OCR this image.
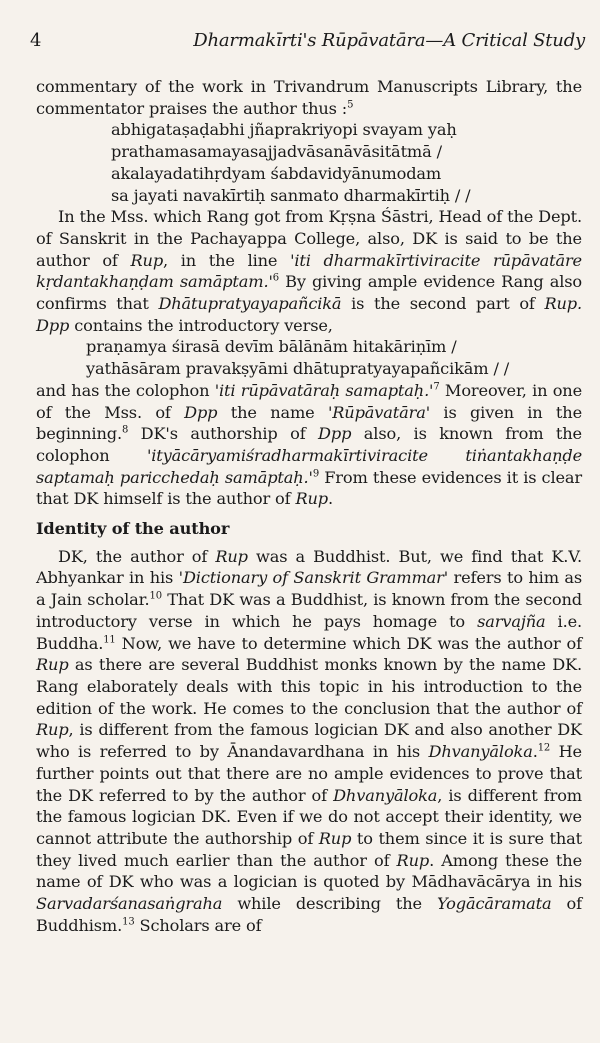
4	Dharmakīrti's Rūpāvatāra—A Critical Study

commentary of the work in Trivandrum Manuscripts Library, the commentator praises the author thus :$^5$

abhigataṣaḍabhi jñaprakriyopi svayam yaḥ

prathamasamayasajjadvāsanāvāsitātmā /

akalayadatihṛdyam śabdavidyānumodam

sa jayati navakīrtiḥ sanmato dharmakīrtiḥ / /

In the Mss. which Rang got from Kṛṣna Śāstri, Head of the Dept. of Sanskrit in the Pachayappa College, also, DK is said to be the author of Rup, in the line 'iti dharmakīrtiviracite rūpāvatāre kṛdantakhaṇḍam $samāptam.'^6$ By giving ample evidence Rang also confirms that Dhātupratyayapañcikā is the second part of Rup. Dpp contains the introductory verse,

praṇamya śirasā devīm bālānām hitakāriṇīm /

yathāsāram pravakṣyāmi dhātupratyayapañcikām / /

and has the colophon 'iti rūpāvatāraḥ $samaptaḥ.'^7$ Moreover, in one of the Mss. of Dpp the name 'Rūpāvatāra' is given in the beginning.$^8$ DK's authorship of Dpp also, is known from the colophon 'ityācāryamiśradharmakīrtiviracite tiṅantakhaṇḍe saptamaḥ paricchedaḥ $samāptaḥ.'^9$ From these evidences it is clear that DK himself is the author of Rup.

Identity of the author

DK, the author of Rup was a Buddhist. But, we find that K.V. Abhyankar in his 'Dictionary of Sanskrit Grammar' refers to him as a Jain scholar.$^{10}$ That DK was a Buddhist, is known from the second introductory verse in which he pays homage to sarvajña i.e. Buddha.$^{11}$ Now, we have to determine which DK was the author of Rup as there are several Buddhist monks known by the name DK. Rang elaborately deals with this topic in his introduction to the edition of the work. He comes to the conclusion that the author of Rup, is different from the famous logician DK and also another DK who is referred to by Ānandavardhana in his Dhvanyāloka.$^{12}$ He further points out that there are no ample evidences to prove that the DK referred to by the author of Dhvanyāloka, is different from the famous logician DK. Even if we do not accept their identity, we cannot attribute the authorship of Rup to them since it is sure that they lived much earlier than the author of Rup. Among these the name of DK who was a logician is quoted by Mādhavācārya in his Sarvadarśanasaṅgraha while describing the Yogācāramata of Buddhism.$^{13}$ Scholars are of
